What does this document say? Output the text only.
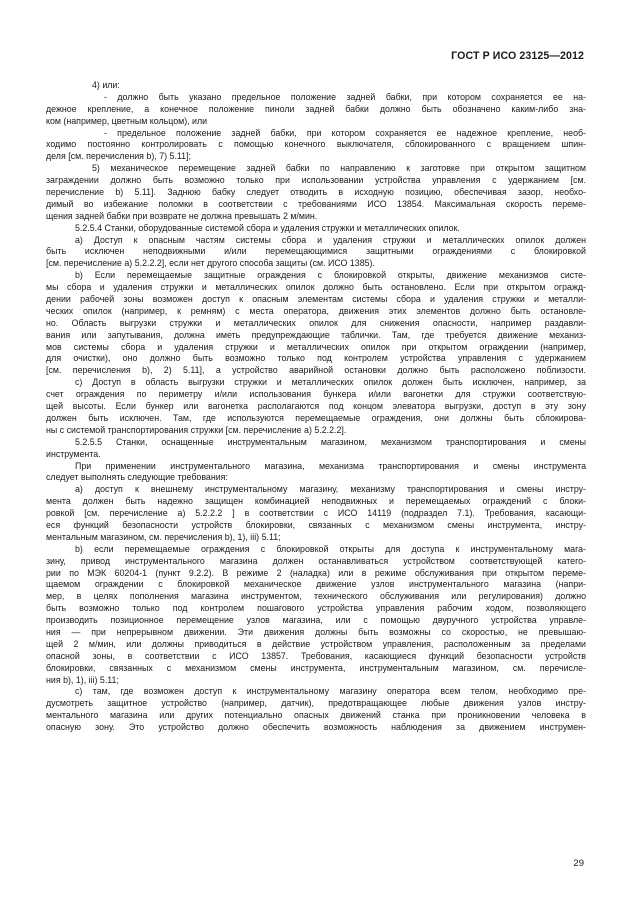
ГОСТ Р ИСО 23125—2012
4) или:
- должно быть указано предельное положение задней бабки, при котором сохраняется ее на-
дежное крепление, а конечное положение пиноли задней бабки должно быть обозначено каким-либо зна-
ком (например, цветным кольцом), или
- предельное положение задней бабки, при котором сохраняется ее надежное крепление, необ-
ходимо постоянно контролировать с помощью конечного выключателя, сблокированного с вращением шпин-
деля [см. перечисления b), 7) 5.11];
5) механическое перемещение задней бабки по направлению к заготовке при открытом защитном
заграждении должно быть возможно только при использовании устройства управления с удержанием [см.
перечисление b) 5.11]. Заднюю бабку следует отводить в исходную позицию, обеспечивая зазор, необхо-
димый во избежание поломки в соответствии с требованиями ИСО 13854. Максимальная скорость переме-
щения задней бабки при возврате не должна превышать 2 м/мин.
5.2.5.4 Станки, оборудованные системой сбора и удаления стружки и металлических опилок.
а) Доступ к опасным частям системы сбора и удаления стружки и металлических опилок должен
быть исключен неподвижными и/или перемещающимися защитными ограждениями с блокировкой
[см. перечисление а) 5.2.2.2], если нет другого способа защиты (см. ИСО 1385).
b) Если перемещаемые защитные ограждения с блокировкой открыты, движение механизмов систе-
мы сбора и удаления стружки и металлических опилок должно быть остановлено. Если при открытом огражд-
дении рабочей зоны возможен доступ к опасным элементам системы сбора и удаления стружки и металли-
ческих опилок (например, к ремням) с места оператора, движения этих элементов должно быть остановле-
но. Область выгрузки стружки и металлических опилок для снижения опасности, например раздавли-
вания или запутывания, должна иметь предупреждающие таблички. Там, где требуется движение механиз-
мов системы сбора и удаления стружки и металлических опилок при открытом ограждении (например,
для очистки), оно должно быть возможно только под контролем устройства управления с удержанием
[см. перечисления b), 2) 5.11], а устройство аварийной остановки должно быть расположено поблизости.
с) Доступ в область выгрузки стружки и металлических опилок должен быть исключен, например, за
счет ограждения по периметру и/или использования бункера и/или вагонетки для стружки соответствую-
щей высоты. Если бункер или вагонетка располагаются под концом элеватора выгрузки, доступ в эту зону
должен быть исключен. Там, где используются перемещаемые ограждения, они должны быть сблокирова-
ны с системой транспортирования стружки [см. перечисление а) 5.2.2.2].
5.2.5.5 Станки, оснащенные инструментальным магазином, механизмом транспортирования и смены
инструмента.
При применении инструментального магазина, механизма транспортирования и смены инструмента
следует выполнять следующие требования:
а) доступ к внешнему инструментальному магазину, механизму транспортирования и смены инстру-
мента должен быть надежно защищен комбинацией неподвижных и перемещаемых ограждений с блоки-
ровкой [см. перечисление а) 5.2.2.2 ] в соответствии с ИСО 14119 (подраздел 7.1). Требования, касающи-
еся функций безопасности устройств блокировки, связанных с механизмом смены инструмента, инстру-
ментальным магазином, см. перечисления b), 1), iii) 5.11;
b) если перемещаемые ограждения с блокировкой открыты для доступа к инструментальному мага-
зину, привод инструментального магазина должен останавливаться устройством соответствующей катего-
рии по МЭК 60204-1 (пункт 9.2.2). В режиме 2 (наладка) или в режиме обслуживания при открытом переме-
щаемом ограждении с блокировкой механическое движение узлов инструментального магазина (напри-
мер, в целях пополнения магазина инструментом, технического обслуживания или регулирования) должно
быть возможно только под контролем пошагового устройства управления рабочим ходом, позволяющего
производить позиционное перемещение узлов магазина, или с помощью двуручного устройства управле-
ния — при непрерывном движении. Эти движения должны быть возможны со скоростью, не превышаю-
щей 2 м/мин, или должны приводиться в действие устройством управления, расположенным за пределами
опасной зоны, в соответствии с ИСО 13857. Требования, касающиеся функций безопасности устройств
блокировки, связанных с механизмом смены инструмента, инструментальным магазином, см. перечисле-
ния b), 1), iii) 5.11;
с) там, где возможен доступ к инструментальному магазину оператора всем телом, необходимо пре-
дусмотреть защитное устройство (например, датчик), предотвращающее любые движения узлов инстру-
ментального магазина или других потенциально опасных движений станка при проникновении человека в
опасную зону. Это устройство должно обеспечить возможность наблюдения за движением инструмен-
29
